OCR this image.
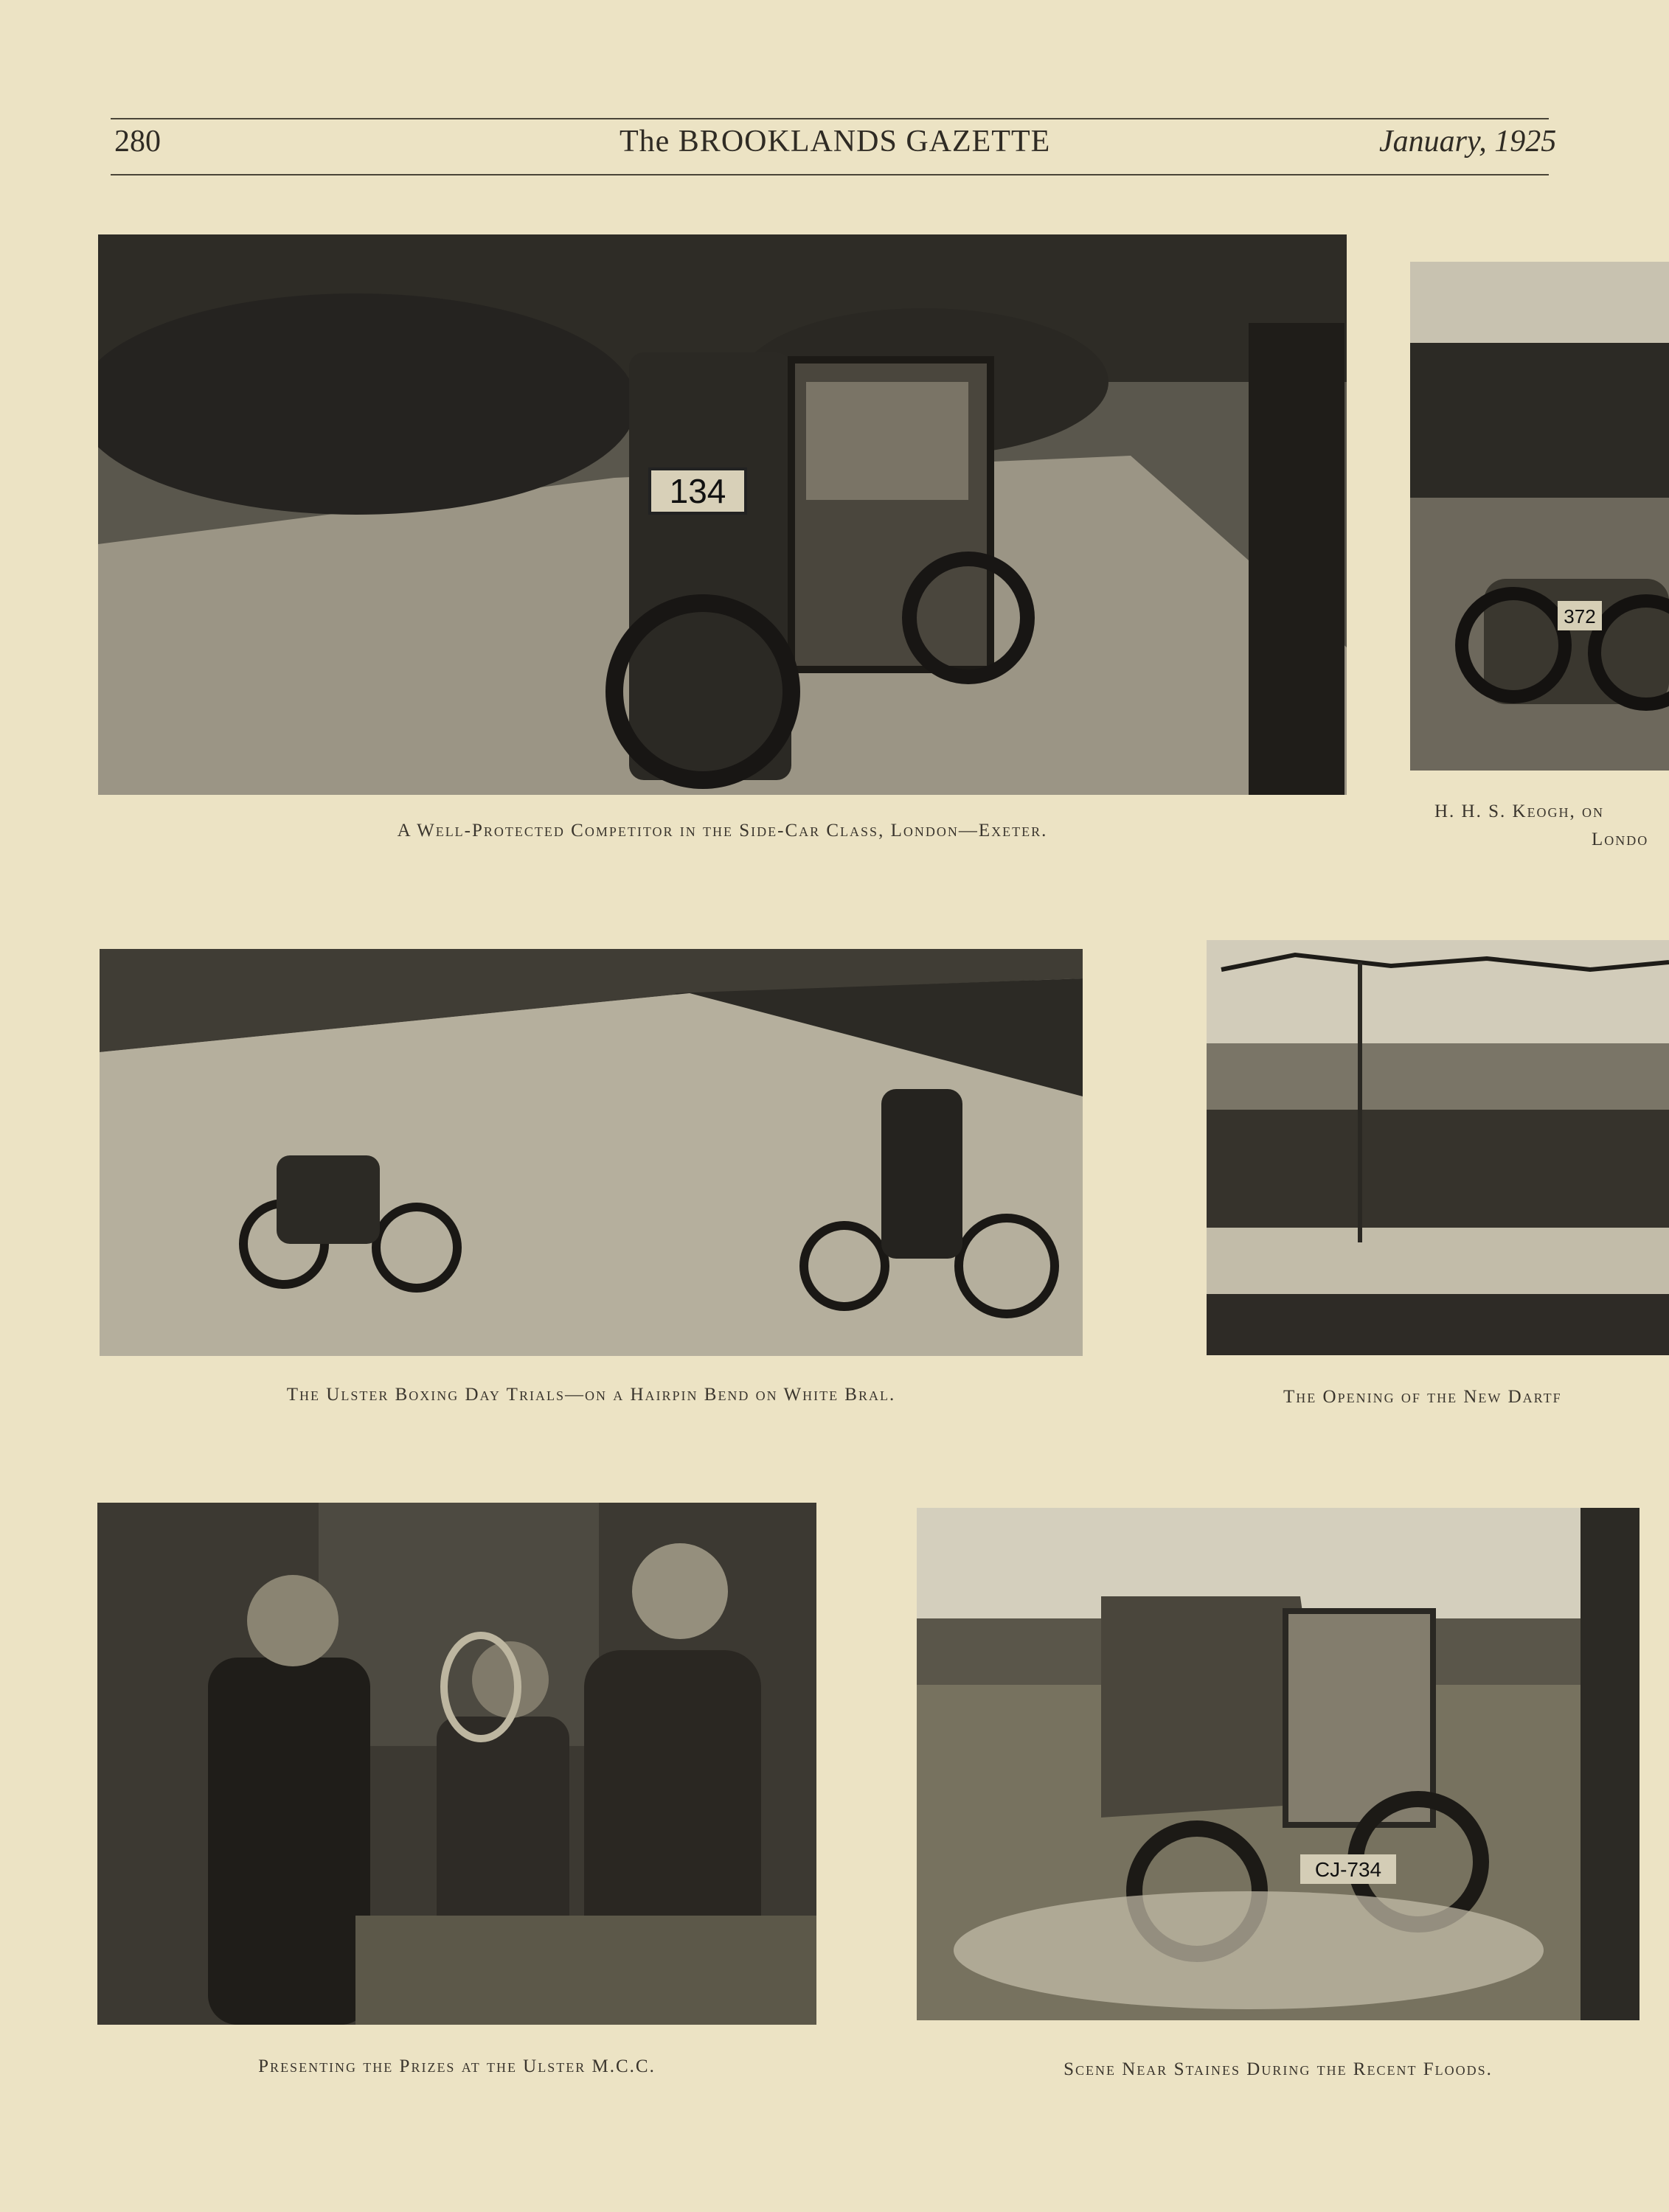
280	The BROOKLANDS GAZETTE	January, 1925
134
A Well-Protected Competitor in the Side-Car Class, London—Exeter.
372
H. H. S. Keogh, on
Londo
The Ulster Boxing Day Trials—on a Hairpin Bend on White Bral.	The Opening of the New Dartf
Presenting the Prizes at the Ulster M.C.C.
CJ-734
Scene Near Staines During the Recent Floods.
